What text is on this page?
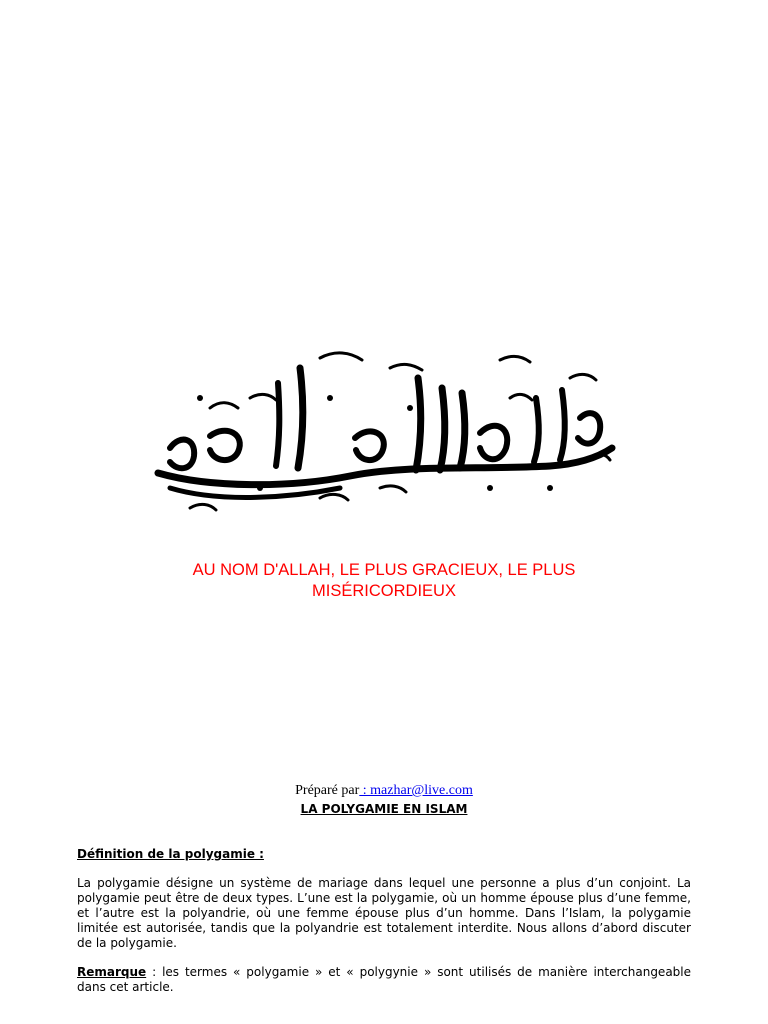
AU NOM D'ALLAH, LE PLUS GRACIEUX, LE PLUS MISÉRICORDIEUX
Préparé par : mazhar@live.com
LA POLYGAMIE EN ISLAM
Définition de la polygamie :
La polygamie désigne un système de mariage dans lequel une personne a plus d’un conjoint. La polygamie peut être de deux types. L’une est la polygamie, où un homme épouse plus d’une femme, et l’autre est la polyandrie, où une femme épouse plus d’un homme. Dans l’Islam, la polygamie limitée est autorisée, tandis que la polyandrie est totalement interdite. Nous allons d’abord discuter de la polygamie.
Remarque : les termes « polygamie » et « polygynie » sont utilisés de manière interchangeable dans cet article.
